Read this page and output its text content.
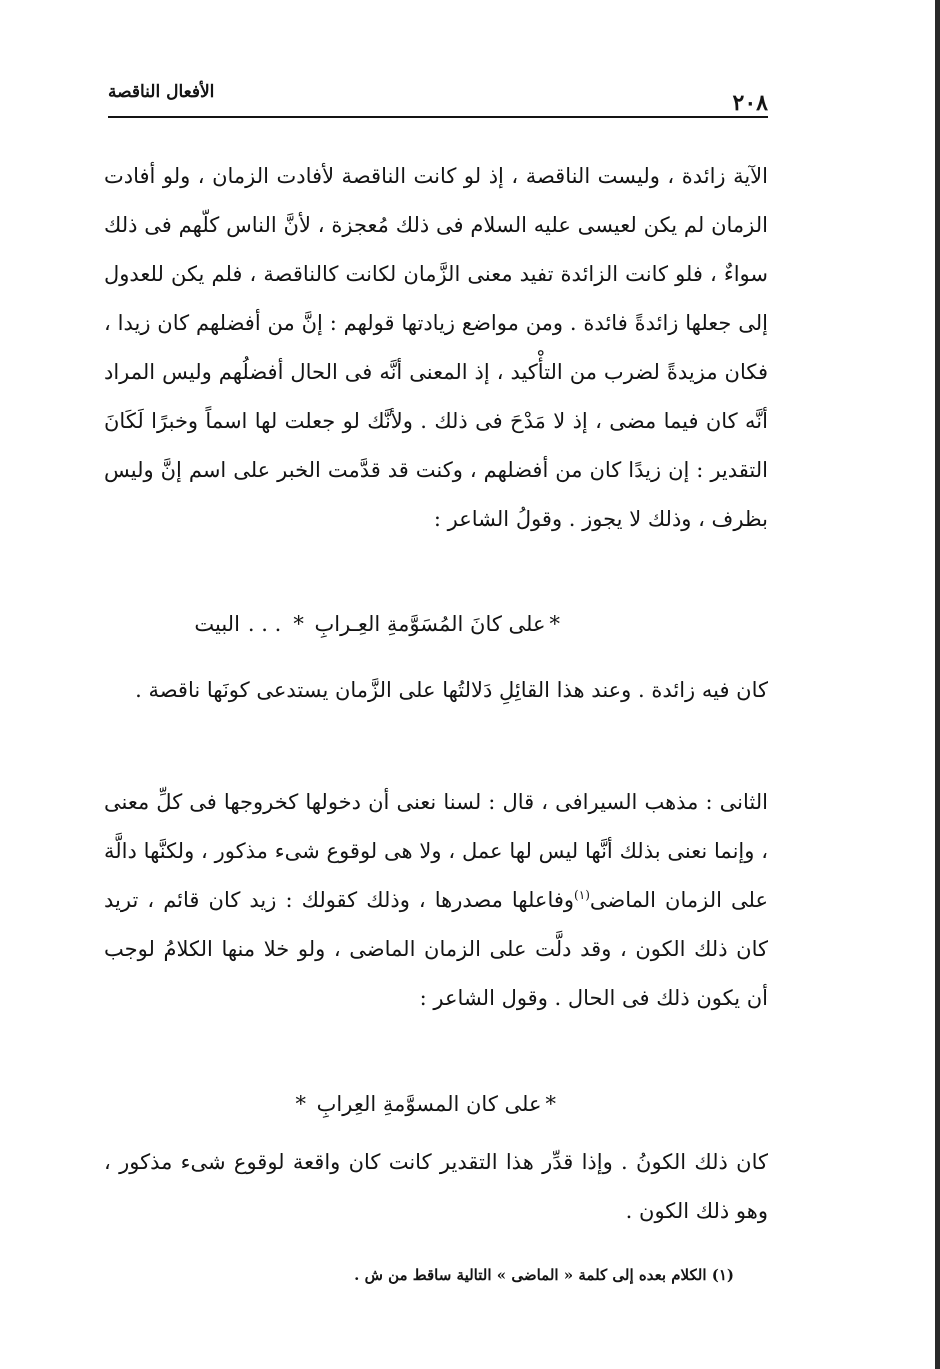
٢٠٨
الأفعال الناقصة

الآية زائدة ، وليست الناقصة ، إذ لو كانت الناقصة لأفادت الزمان ، ولو أفادت الزمان لم يكن لعيسى عليه السلام فى ذلك مُعجزة ، لأنَّ الناس كلّهم فى ذلك سواءٌ ، فلو كانت الزائدة تفيد معنى الزَّمان لكانت كالناقصة ، فلم يكن للعدول إلى جعلها زائدةً فائدة . ومن مواضع زيادتها قولهم : إنَّ من أفضلهم كان زيدا ، فكان مزيدةً لضرب من التأْكيد ، إذ المعنى أنَّه فى الحال أفضلُهم وليس المراد أنَّه كان فيما مضى ، إذ لا مَدْحَ فى ذلك . ولأنَّك لو جعلت لها اسماً وخبرًا لَكَانَ التقدير : إن زيدًا كان من أفضلهم ، وكنت قد قدَّمت الخبر على اسم إنَّ وليس بظرف ، وذلك لا يجوز . وقولُ الشاعر :

*على كانَ المُسَوَّمةِ العِـرابِ *. . .البيت

كان فيه زائدة . وعند هذا القائِلِ دَلالتُها على الزَّمان يستدعى كونَها ناقصة .

الثانى : مذهب السيرافى ، قال : لسنا نعنى أن دخولها كخروجها فى كلِّ معنى ، وإنما نعنى بذلك أنَّها ليس لها عمل ، ولا هى لوقوع شىء مذكور ، ولكنَّها دالَّة على الزمان الماضى$^{(١)}$وفاعلها مصدرها ، وذلك كقولك : زيد كان قائم ، تريد كان ذلك الكون ، وقد دلَّت على الزمان الماضى ، ولو خلا منها الكلامُ لوجب أن يكون ذلك فى الحال . وقول الشاعر :

*على كان المسوَّمةِ العِرابِ *

كان ذلك الكونُ . وإذا قدِّر هذا التقدير كانت كان واقعة لوقوع شىء مذكور ، وهو ذلك الكون .

(١) الكلام بعده إلى كلمة « الماضى » التالية ساقط من ش .
